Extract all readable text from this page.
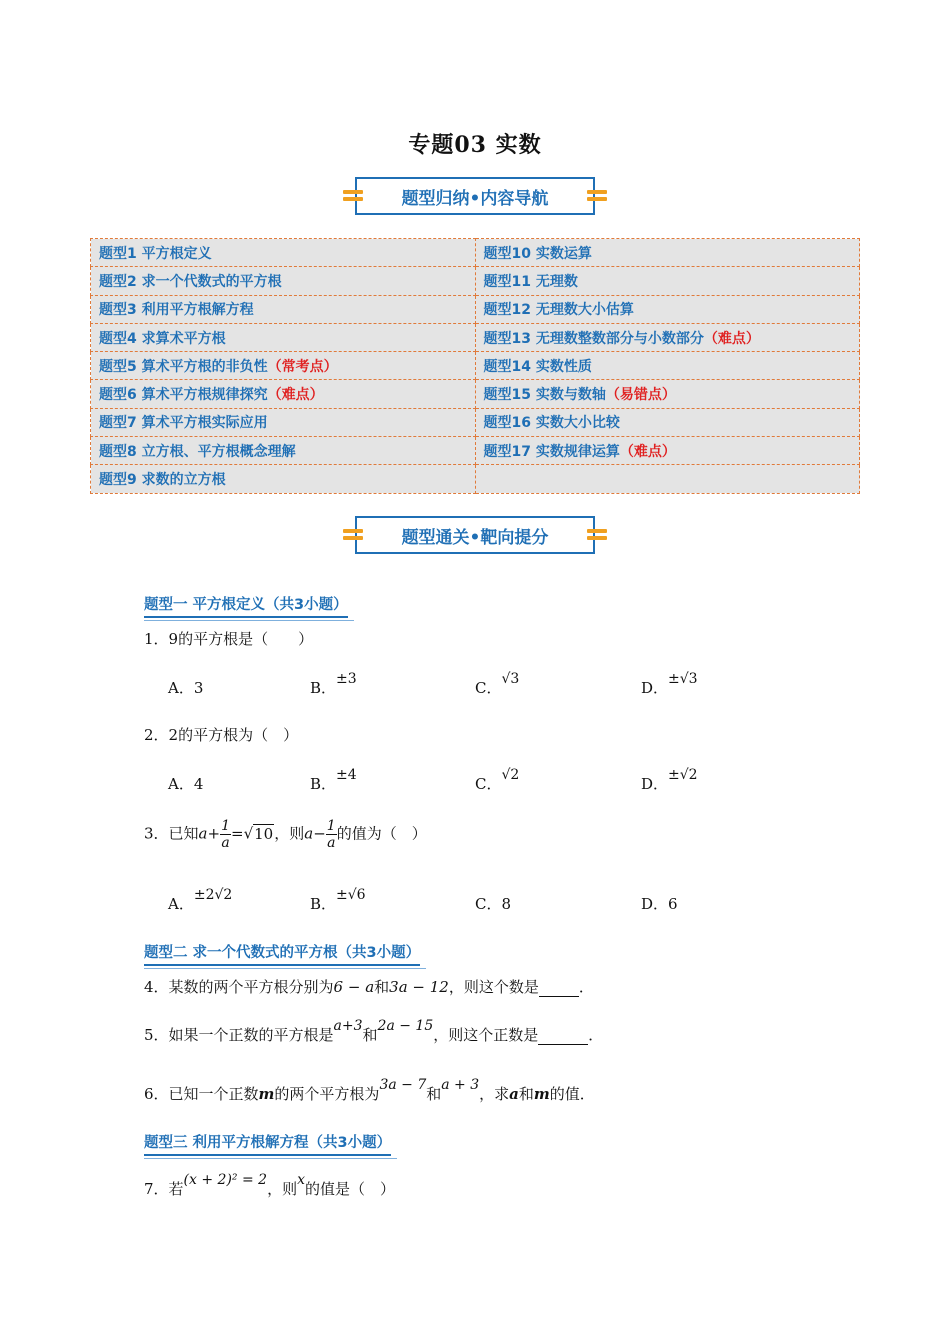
专题03 实数
题型归纳•内容导航
题型1 平方根定义	题型10 实数运算
题型2 求一个代数式的平方根	题型11 无理数
题型3 利用平方根解方程	题型12 无理数大小估算
题型4 求算术平方根	题型13 无理数整数部分与小数部分（难点）
题型5 算术平方根的非负性（常考点）	题型14 实数性质
题型6 算术平方根规律探究（难点）	题型15 实数与数轴（易错点）
题型7 算术平方根实际应用	题型16 实数大小比较
题型8 立方根、平方根概念理解	题型17 实数规律运算（难点）
题型9 求数的立方根	
题型通关•靶向提分
题型一 平方根定义（共3小题）
1．9的平方根是（　　）
A．3	B．±3	C．√3	D．±√3
2．2的平方根为（　）
A．4	B．±4	C．√2	D．±√2
3．已知$a+ \frac{1}{a} =√10$，则$a- \frac{1}{a}$ 的值为（　）
A．±2√2	B．±√6	C．8	D．6
题型二 求一个代数式的平方根（共3小题）
4．某数的两个平方根分别为6 − a和3a − 12，则这个数是	．
5．如果一个正数的平方根是a+3和2a − 15，则这个正数是	．
6．已知一个正数m的两个平方根为3a − 7和a + 3，求a和m的值．
题型三 利用平方根解方程（共3小题）
7．若(x + 2)² = 2，则x的值是（　）
